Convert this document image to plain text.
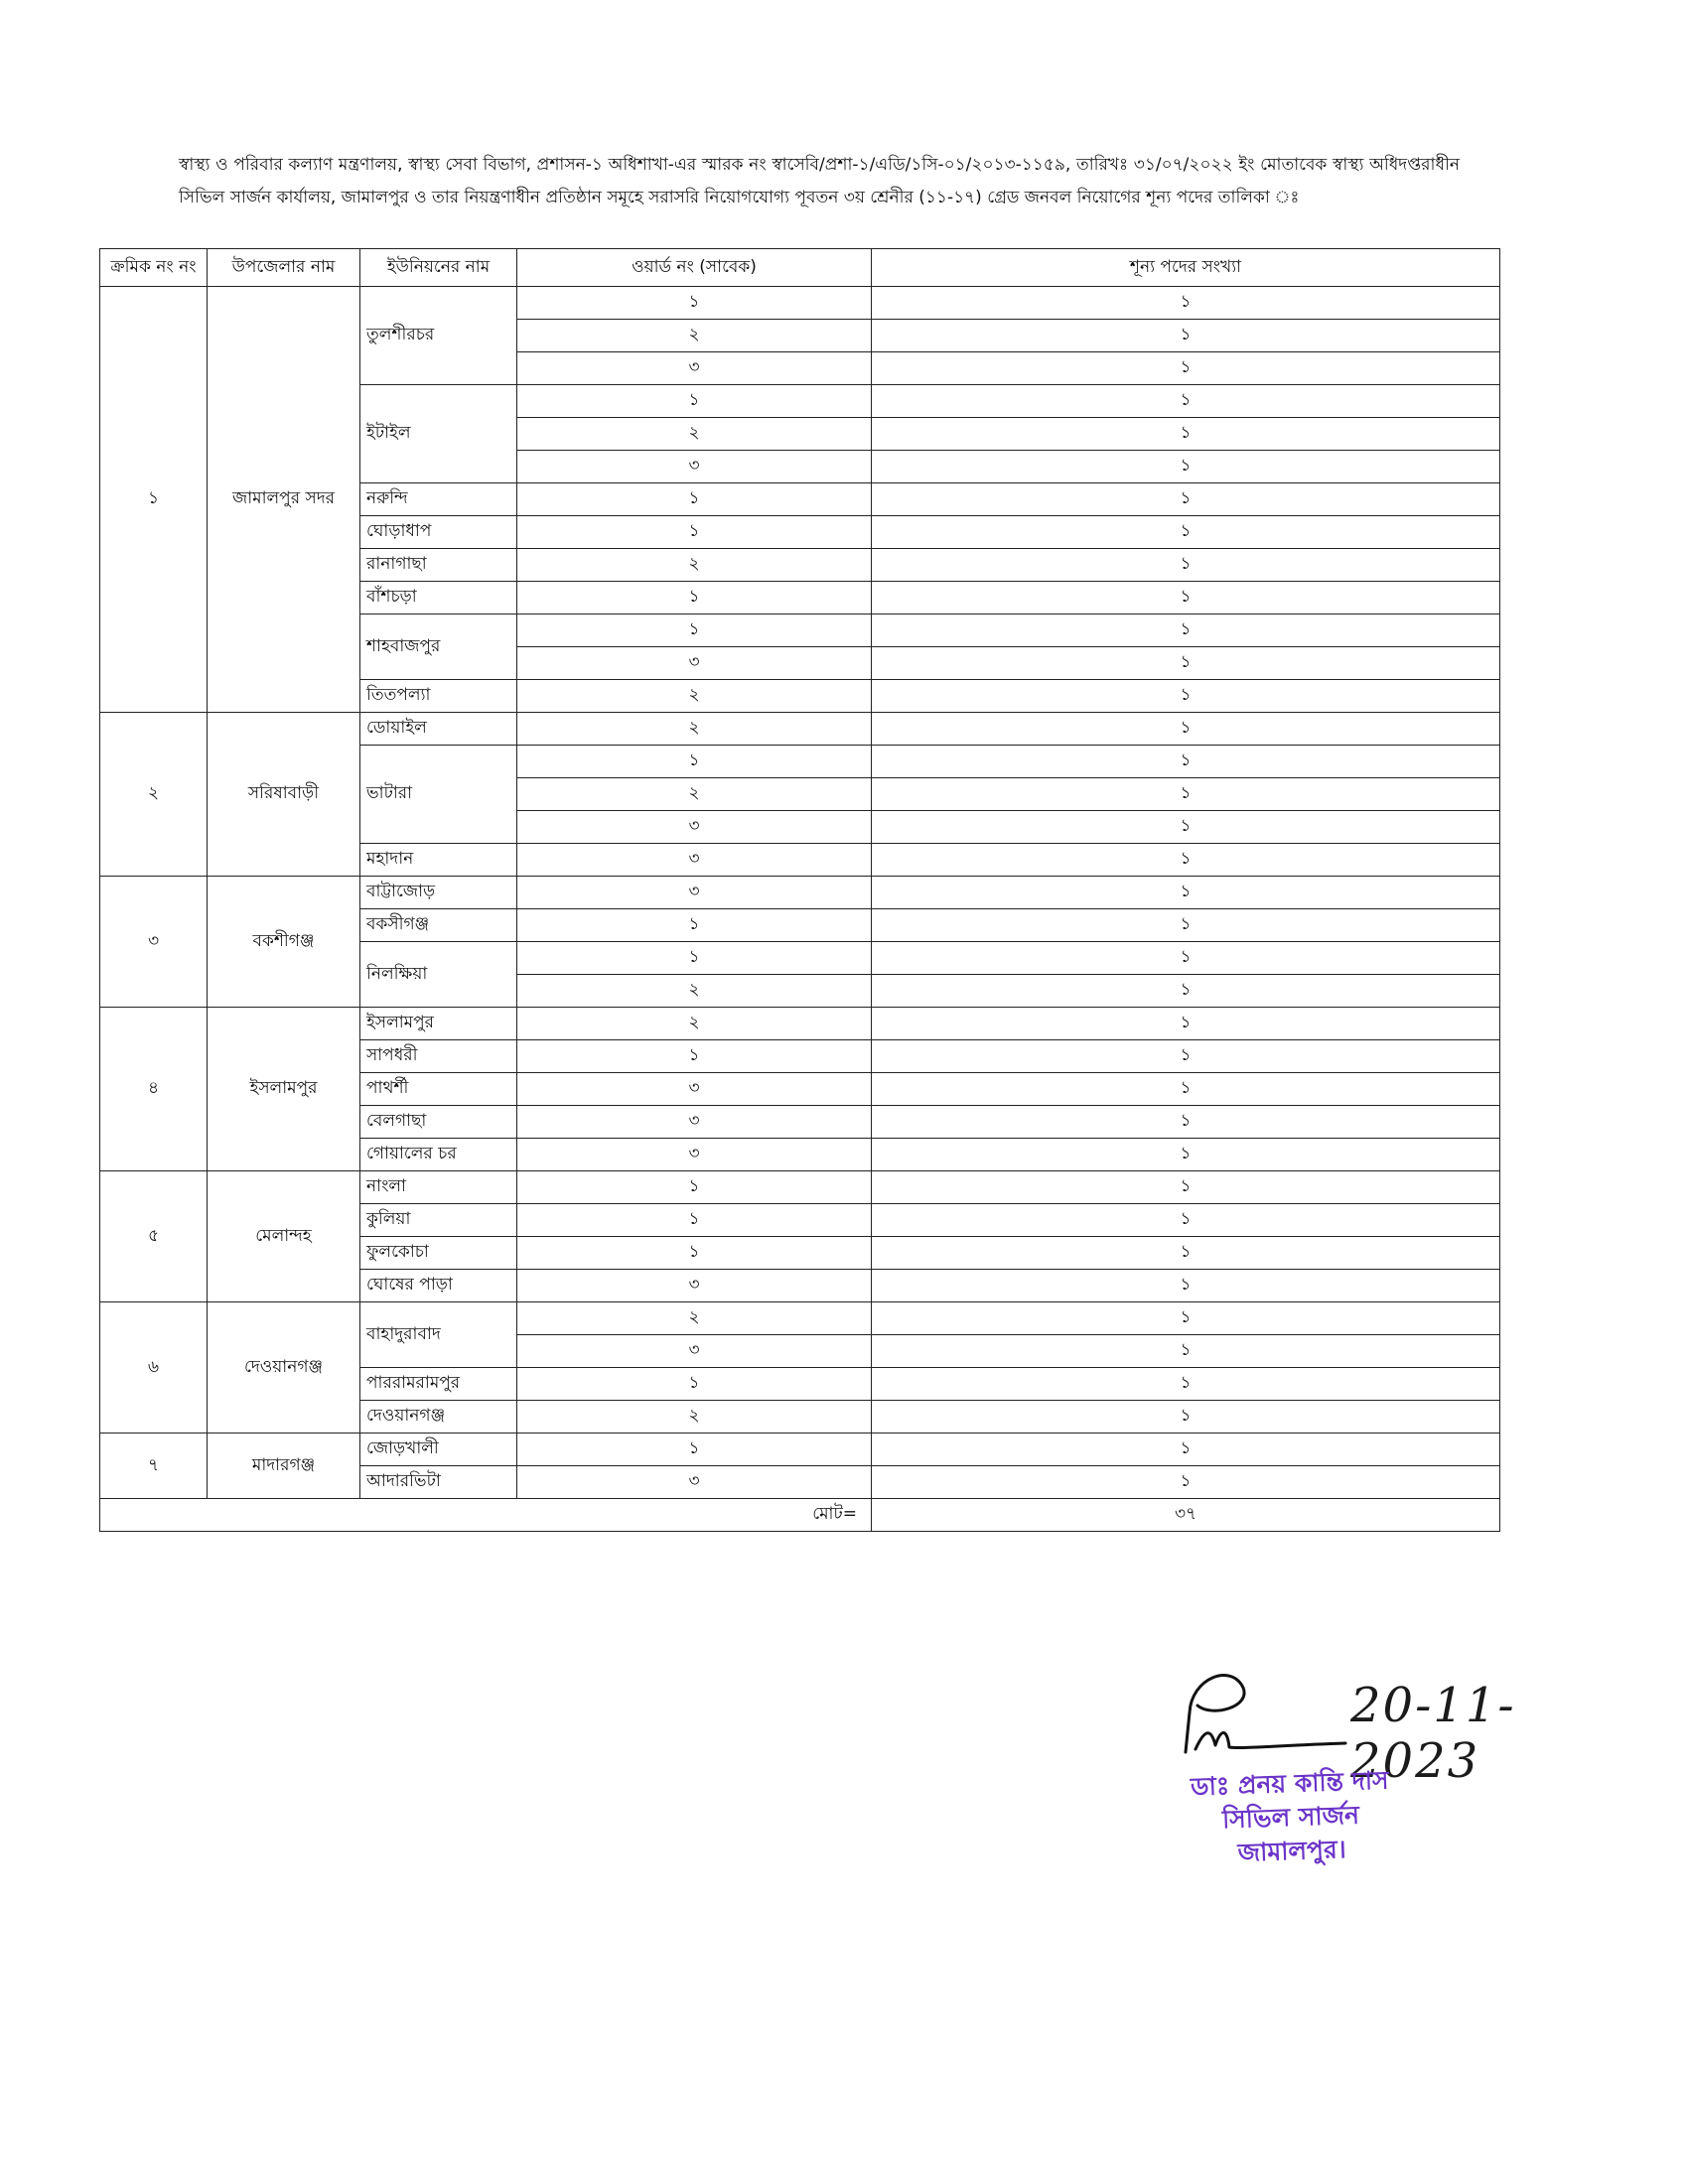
স্বাস্থ্য ও পরিবার কল্যাণ মন্ত্রণালয়, স্বাস্থ্য সেবা বিভাগ, প্রশাসন-১ অধিশাখা-এর স্মারক নং স্বাসেবি/প্রশা-১/এডি/১সি-০১/২০১৩-১১৫৯, তারিখঃ ৩১/০৭/২০২২ ইং মোতাবেক স্বাস্থ্য অধিদপ্তরাধীন সিভিল সার্জন কার্যালয়, জামালপুর ও তার নিয়ন্ত্রণাধীন প্রতিষ্ঠান সমূহে সরাসরি নিয়োগযোগ্য পূবতন ৩য় শ্রেনীর (১১-১৭) গ্রেড জনবল নিয়োগের শূন্য পদের তালিকা ঃ
ক্রমিক নং নং	উপজেলার নাম	ইউনিয়নের নাম	ওয়ার্ড নং (সাবেক)	শূন্য পদের সংখ্যা
১	জামালপুর সদর	তুলশীরচর	১	১
			২	১
			৩	১
		ইটাইল	১	১
			২	১
			৩	১
		নরুন্দি	১	১
		ঘোড়াধাপ	১	১
		রানাগাছা	২	১
		বাঁশচড়া	১	১
		শাহবাজপুর	১	১
			৩	১
		তিতপল্যা	২	১
২	সরিষাবাড়ী	ডোয়াইল	২	১
		ভাটারা	১	১
			২	১
			৩	১
		মহাদান	৩	১
৩	বকশীগঞ্জ	বাট্টাজোড়	৩	১
		বকসীগঞ্জ	১	১
		নিলক্ষিয়া	১	১
			২	১
৪	ইসলামপুর	ইসলামপুর	২	১
		সাপধরী	১	১
		পাথর্শী	৩	১
		বেলগাছা	৩	১
		গোয়ালের চর	৩	১
৫	মেলান্দহ	নাংলা	১	১
		কুলিয়া	১	১
		ফুলকোচা	১	১
		ঘোষের পাড়া	৩	১
৬	দেওয়ানগঞ্জ	বাহাদুরাবাদ	২	১
			৩	১
		পাররামরামপুর	১	১
		দেওয়ানগঞ্জ	২	১
৭	মাদারগঞ্জ	জোড়খালী	১	১
		আদারভিটা	৩	১
মোট=				৩৭
20-11-2023
ডাঃ প্রনয় কান্তি দাস
সিভিল সার্জন
জামালপুর।
